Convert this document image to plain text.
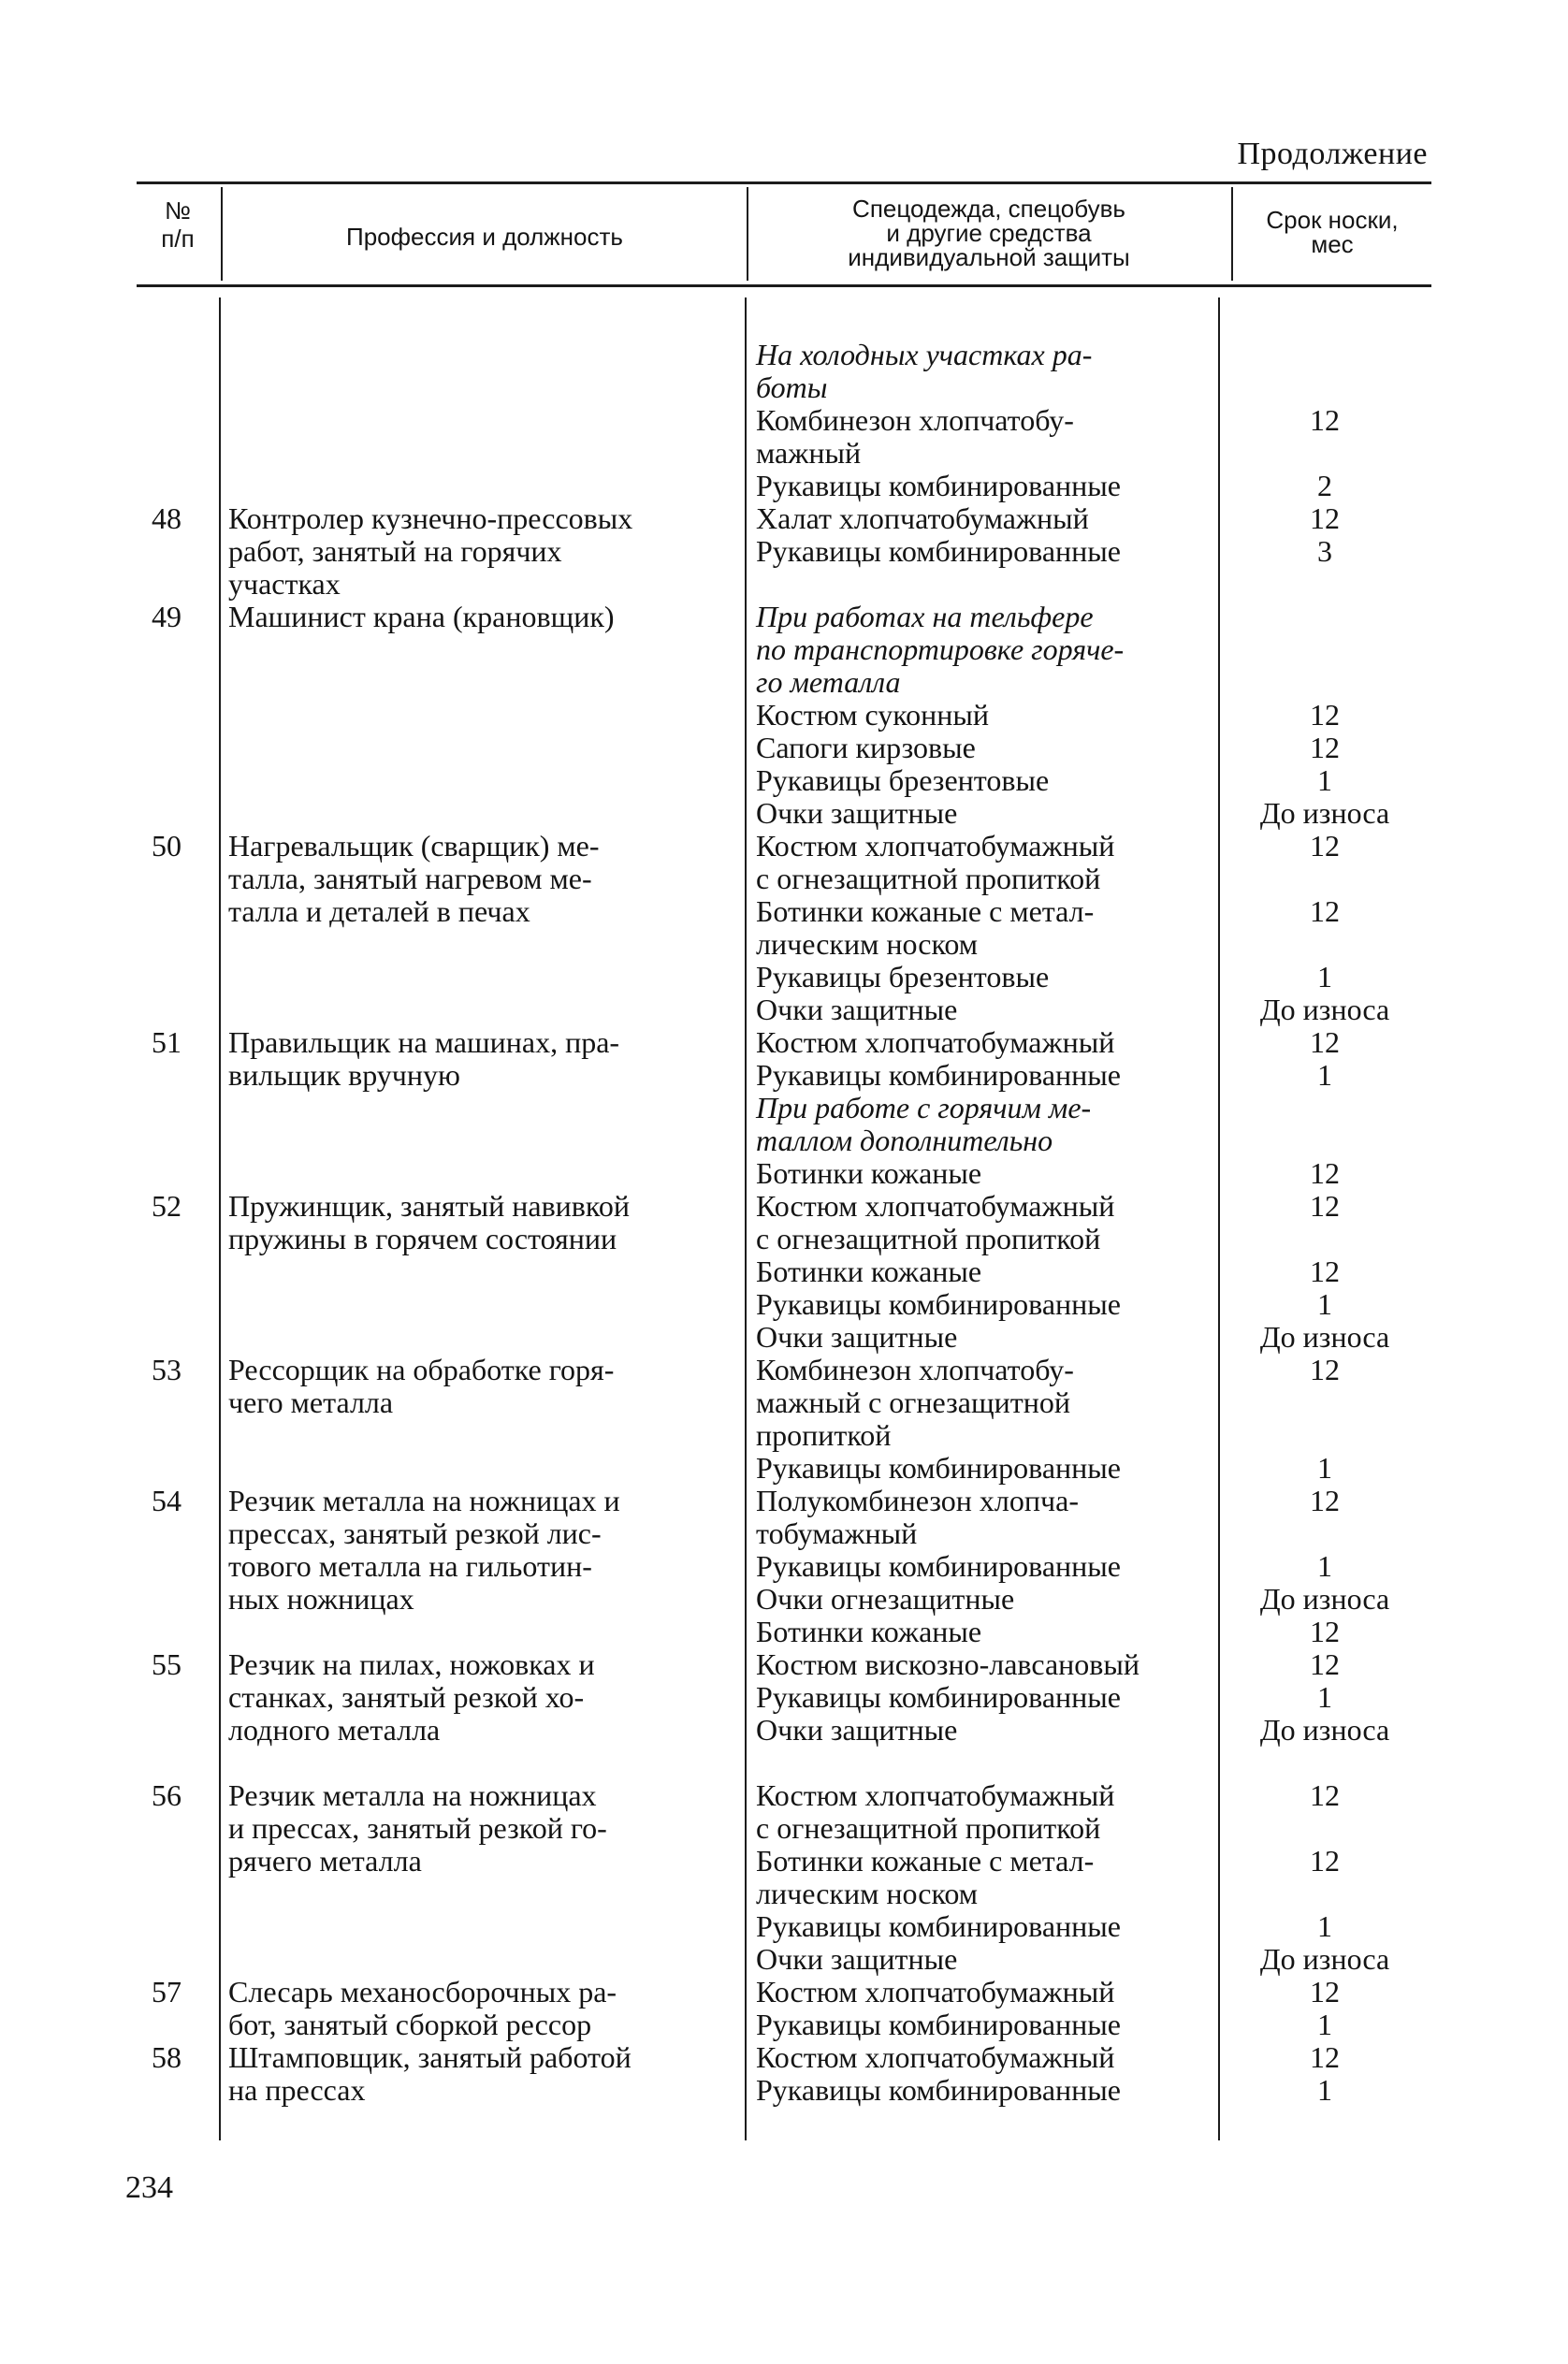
Продолжение
№
п/п	Профессия и должность
Спецодежда, спецобувь
и другие средства
индивидуальной защиты
Срок носки,
мес
48
49
50
51
52
53
54
55
56
57
58
Контролер кузнечно-прессовых
работ, занятый на горячих
участках
Машинист крана (крановщик)
Нагревальщик (сварщик) ме-
талла, занятый нагревом ме-
талла и деталей в печах
Правильщик на машинах, пра-
вильщик вручную
Пружинщик, занятый навивкой
пружины в горячем состоянии
Рессорщик на обработке горя-
чего металла
Резчик металла на ножницах и
прессах, занятый резкой лис-
тового металла на гильотин-
ных ножницах
Резчик на пилах, ножовках и
станках, занятый резкой хо-
лодного металла
Резчик металла на ножницах
и прессах, занятый резкой го-
рячего металла
Слесарь механосборочных ра-
бот, занятый сборкой рессор
Штамповщик, занятый работой
на прессах
На холодных участках ра-
боты
Комбинезон хлопчатобу-
мажный
Рукавицы комбинированные
Халат хлопчатобумажный
Рукавицы комбинированные
При работах на тельфере
по транспортировке горяче-
го металла
Костюм суконный
Сапоги кирзовые
Рукавицы брезентовые
Очки защитные
Костюм хлопчатобумажный
с огнезащитной пропиткой
Ботинки кожаные с метал-
лическим носком
Рукавицы брезентовые
Очки защитные
Костюм хлопчатобумажный
Рукавицы комбинированные
При работе с горячим ме-
таллом дополнительно
Ботинки кожаные
Костюм хлопчатобумажный
с огнезащитной пропиткой
Ботинки кожаные
Рукавицы комбинированные
Очки защитные
Комбинезон хлопчатобу-
мажный с огнезащитной
пропиткой
Рукавицы комбинированные
Полукомбинезон хлопча-
тобумажный
Рукавицы комбинированные
Очки огнезащитные
Ботинки кожаные
Костюм вискозно-лавсановый
Рукавицы комбинированные
Очки защитные
Костюм хлопчатобумажный
с огнезащитной пропиткой
Ботинки кожаные с метал-
лическим носком
Рукавицы комбинированные
Очки защитные
Костюм хлопчатобумажный
Рукавицы комбинированные
Костюм хлопчатобумажный
Рукавицы комбинированные
12
2
12
3
12
12
1
До износа
12
12
1
До износа
12
1
12
12
12
1
До износа
12
1
12
1
До износа
12
12
1
До износа
12
12
1
До износа
12
1
12
1
234
